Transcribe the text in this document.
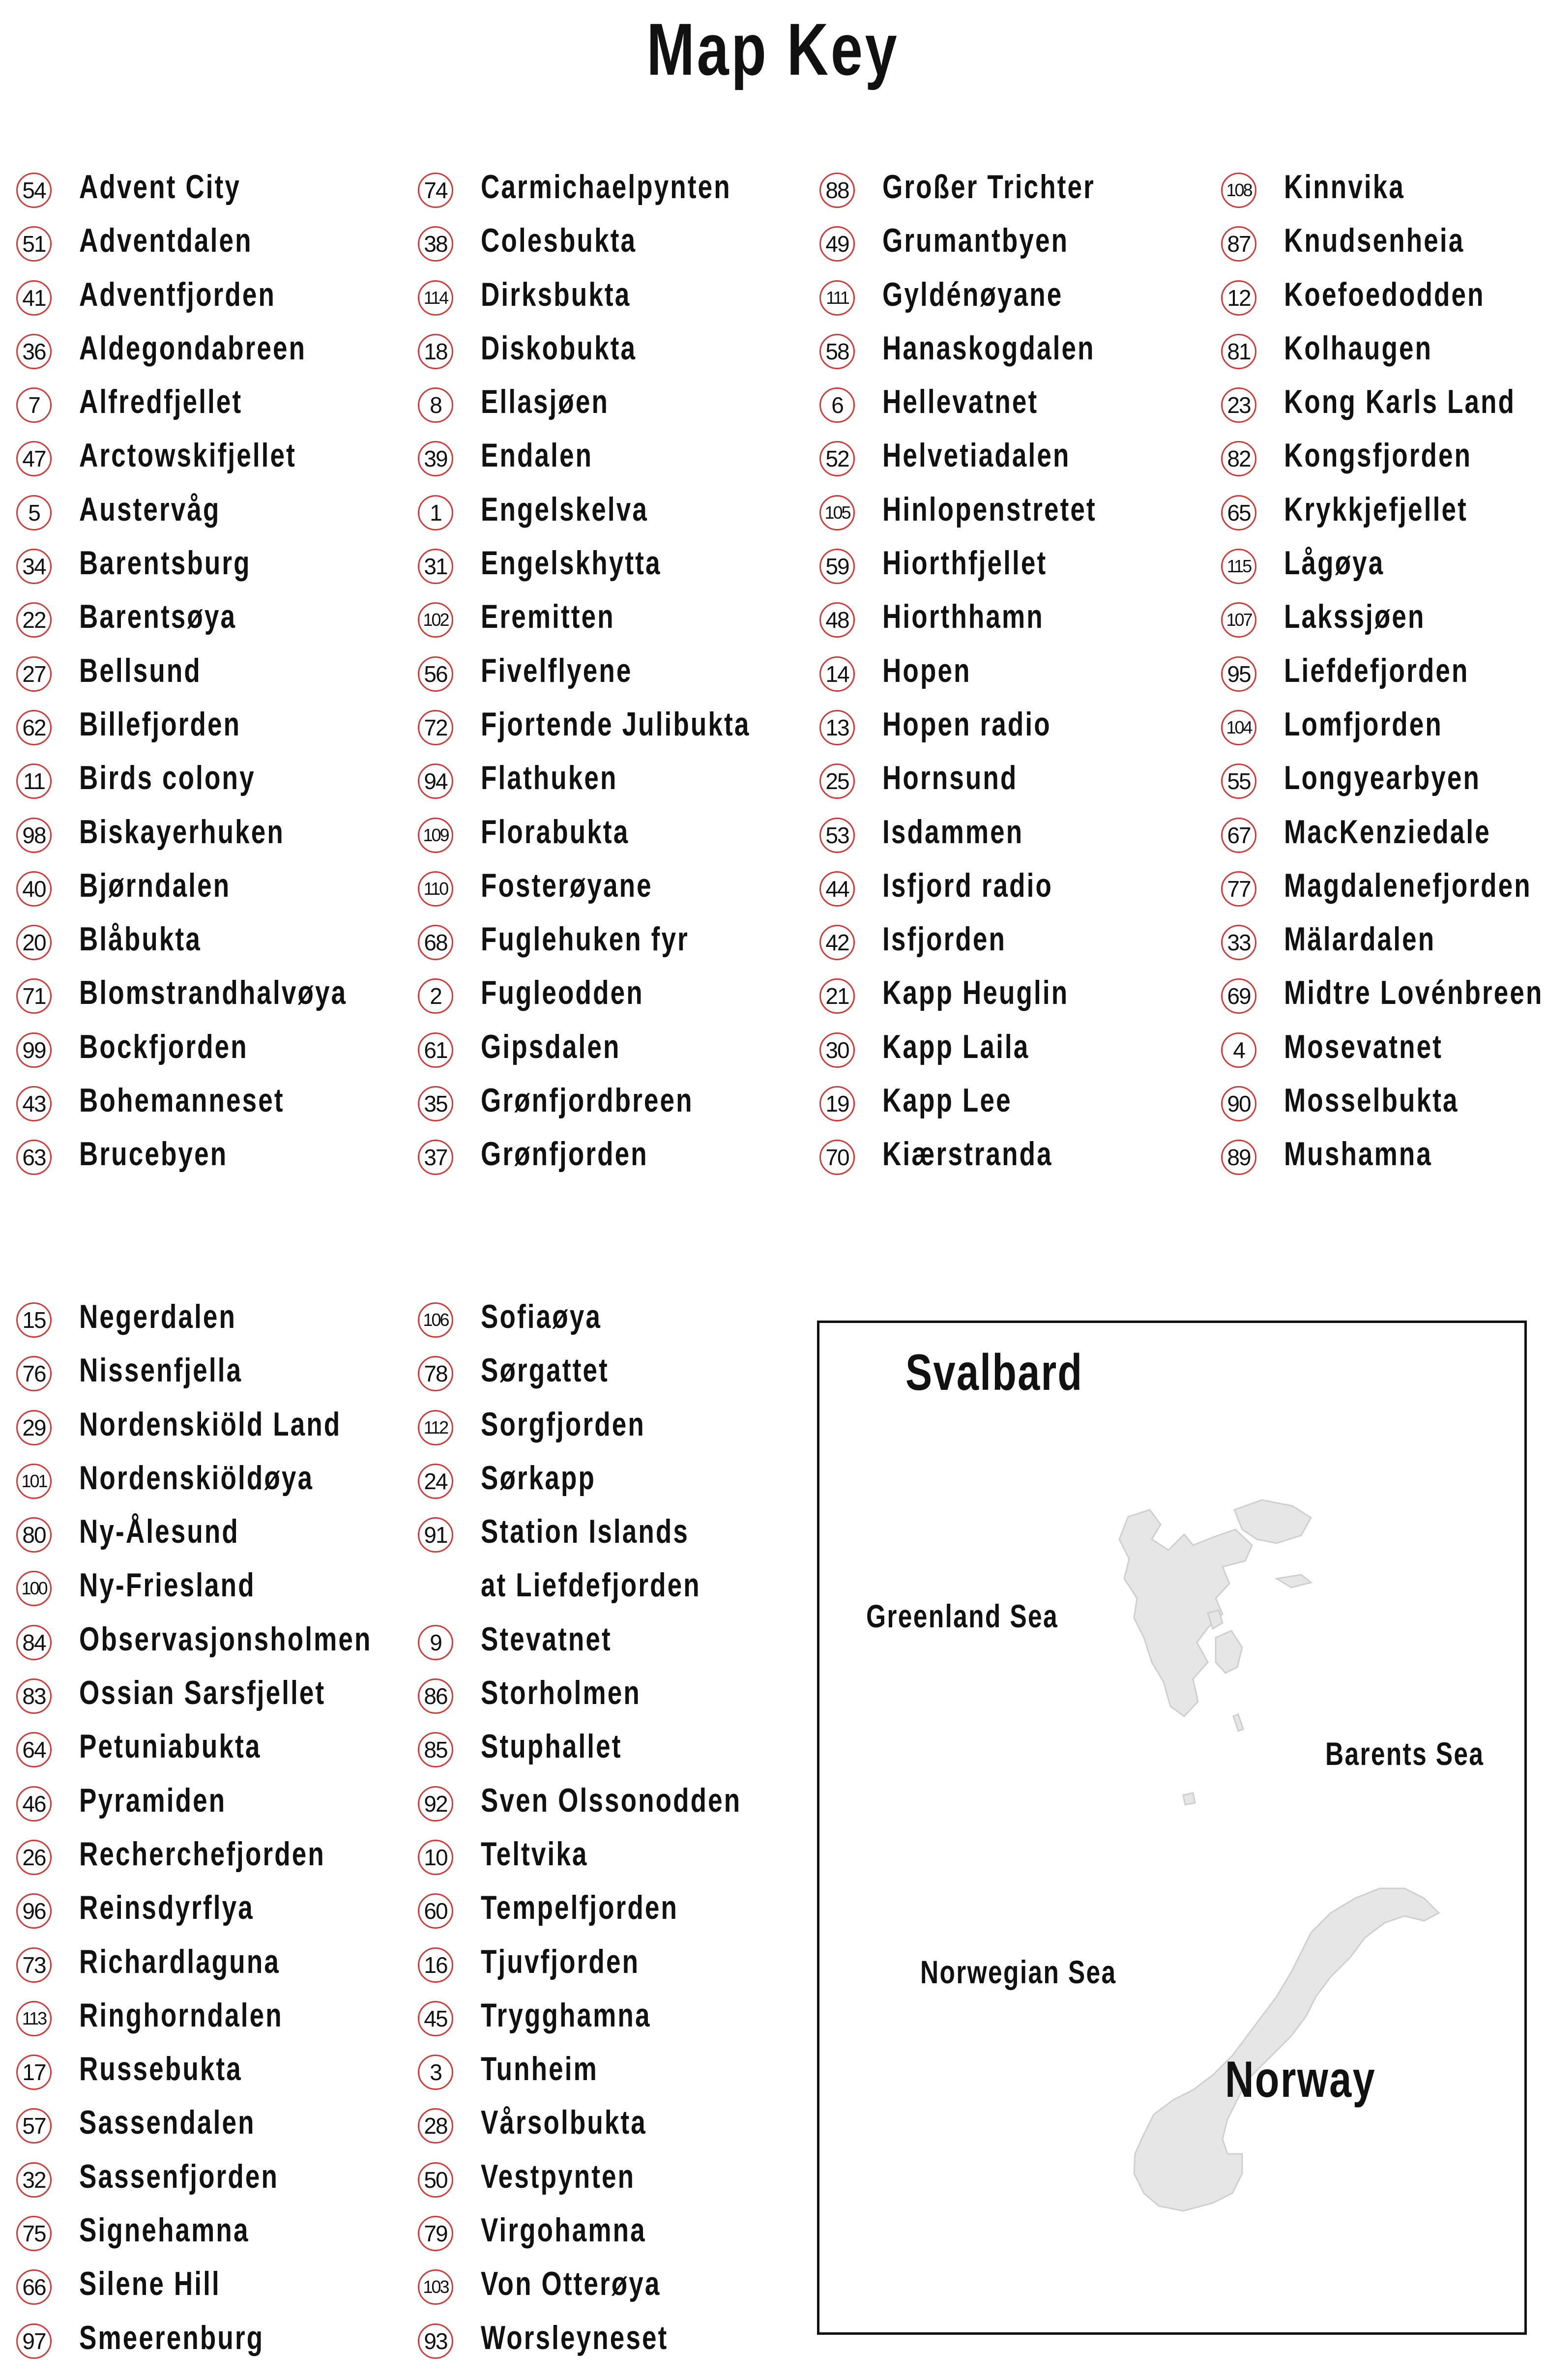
Map Key
54 Advent City
51 Adventdalen
41 Adventfjorden
36 Aldegondabreen
7	Alfredfjellet
47 Arctowskifjellet
5	Austervåg
34 Barentsburg
22 Barentsøya
27 Bellsund
62 Billefjorden
11 Birds colony
98 Biskayerhuken
40 Bjørndalen
20 Blåbukta
71 Blomstrandhalvøya
99 Bockfjorden
43 Bohemanneset
63 Brucebyen
74 Carmichaelpynten
38 Colesbukta
114 Dirksbukta
18 Diskobukta
8	Ellasjøen
39 Endalen
1	Engelskelva
31 Engelskhytta
102 Eremitten
56 Fivelflyene
72 Fjortende Julibukta
94 Flathuken
109 Florabukta
110 Fosterøyane
68 Fuglehuken fyr
2	Fugleodden
61 Gipsdalen
35 Grønfjordbreen
37 Grønfjorden
88 Großer Trichter
49 Grumantbyen
111 Gyldénøyane
58 Hanaskogdalen
6	Hellevatnet
52 Helvetiadalen
105 Hinlopenstretet
59 Hiorthfjellet
48 Hiorthhamn
14 Hopen
13 Hopen radio
25 Hornsund
53 Isdammen
44 Isfjord radio
42 Isfjorden
21 Kapp Heuglin
30 Kapp Laila
19 Kapp Lee
70 Kiærstranda
108 Kinnvika
87 Knudsenheia
12 Koefoedodden
81 Kolhaugen
23 Kong Karls Land
82 Kongsfjorden
65 Krykkjefjellet
115 Lågøya
107 Lakssjøen
95 Liefdefjorden
104 Lomfjorden
55 Longyearbyen
67 MacKenziedale
77 Magdalenefjorden
33 Mälardalen
69 Midtre Lovénbreen
4	Mosevatnet
90 Mosselbukta
89 Mushamna
15 Negerdalen
76 Nissenfjella
29 Nordenskiöld Land
101 Nordenskiöldøya
80 Ny-Ålesund
100 Ny-Friesland
84 Observasjonsholmen
83 Ossian Sarsfjellet
64 Petuniabukta
46 Pyramiden
26 Recherchefjorden
96 Reinsdyrflya
73 Richardlaguna
113 Ringhorndalen
17 Russebukta
57 Sassendalen
32 Sassenfjorden
75 Signehamna
66 Silene Hill
97 Smeerenburg
106 Sofiaøya
78 Sørgattet
112 Sorgfjorden
24 Sørkapp
91 Station Islands
at Liefdefjorden
9	Stevatnet
86 Storholmen
85 Stuphallet
92 Sven Olssonodden
10 Teltvika
60 Tempelfjorden
16 Tjuvfjorden
45 Trygghamna
3	Tunheim
28 Vårsolbukta
50 Vestpynten
79 Virgohamna
103 Von Otterøya
93 Worsleyneset
Svalbard
Greenland Sea
Barents Sea
Norwegian Sea
Norway
